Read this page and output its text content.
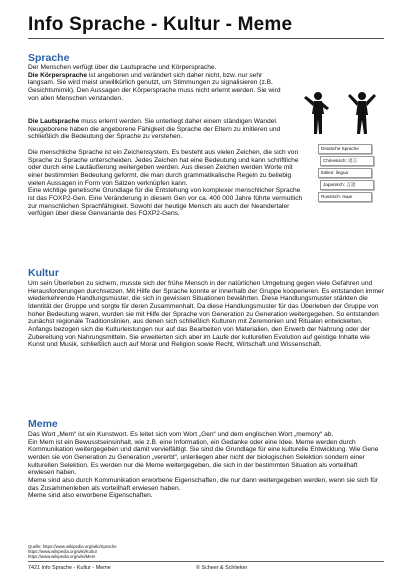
Info Sprache - Kultur - Meme
Sprache

Der Menschen verfügt über die Lautsprache und Körpersprache.

Die Körpersprache ist angeboren und verändert sich daher nicht, bzw. nur sehr langsam. Sie wird meist unwillkürlich genutzt, um Stimmungen zu signalisieren (z.B. Gesichtsmimik). Den Aussagen der Körpersprache muss nicht erlernt werden. Sie wird von allen Menschen verstanden.

Die Lautsprache muss erlernt werden. Sie unterliegt daher einem ständigen Wandel. Neugeborene haben die angeborene Fähigkeit die Sprache der Eltern zu imitieren und schließlich die Bedeutung der Sprache zu verstehen.

Die menschliche Sprache ist ein Zeichensystem. Es besteht aus vielen Zeichen, die sich von Sprache zu Sprache unterscheiden. Jedes Zeichen hat eine Bedeutung und kann schriftliche oder durch eine Lautäußerung weitergeben werden. Aus diesen Zeichen werden Worte mit einer bestimmten Bedeutung geformt, die man durch grammatikalische Regeln zu beliebig vielen Aussagen in Form von Sätzen verknüpfen kann.

Eine wichtige genetische Grundlage für die Entstehung von komplexer menschlicher Sprache ist das FOXP2-Gen. Eine Veränderung in diesem Gen vor ca. 400 000 Jahre führte vermutlich zur menschlichen Sprachfähigkeit. Sowohl der heutige Mensch als auch der Neandertaler verfügen über diese Genvariante des FOXP2-Gens.

Deutsche Sprache
Chinesisch: 语言
Italien: lingua
Japanisch: 言語
Russisch: язык
Kultur

Um sein Überleben zu sichern, musste sich der frühe Mensch in der natürlichen Umgebung gegen viele Gefahren und Herausforderungen durchsetzen. Mit Hilfe der Sprache konnte er innerhalb der Gruppe kooperieren. Es entstanden immer wiederkehrende Handlungsmuster, die sich in gewissen Situationen bewährten. Diese Handlungsmuster stärkten die Identität der Gruppe und sorgte für deren Zusammenhalt. Da diese Handlungsmuster für das Überleben der Gruppe von hoher Bedeutung waren, wurden sie mit Hilfe der Sprache von Generation zu Generation weitergegeben. So entstanden zunächst regionale Traditionslinien, aus denen sich schließlich Kulturen mit Zeremonien und Ritualen entwickelten.

Anfangs bezogen sich die Kulturleistungen nur auf das Bearbeiten von Materialien, den Erwerb der Nahrung oder der Zubereitung von Nahrungsmitteln. Sie erweiterten sich aber im Laufe der kulturellen Evolution auf geistige Inhalte wie Kunst und Musik, schließlich auch auf Moral und Religion sowie Recht, Wirtschaft und Wissenschaft.

Meme

Das Wort „Mem“ ist ein Kunstwort. Es leitet sich vom Wort „Gen“ und dem englischen Wort „memory“ ab.

Ein Mem ist ein Bewusstseinsinhalt, wie z.B. eine Information, ein Gedanke oder eine Idee. Meme werden durch Kommunikation weitergegeben und damit vervielfältigt. Sie sind die Grundlage für eine kulturelle Entwicklung. Wie Gene werden sie von Generation zu Generation „vererbt“, unterliegen aber nicht der biologischen Selektion sondern einer kulturellen Selektion. Es werden nur die Meme weitergegeben, die sich in der bestimmten Situation als vorteilhaft erwiesen haben.

Meme sind also durch Kommunikation erworbene Eigenschaften, die nur dann weitergegeben werden, wenn sie sich für das Zusammenleben als vorteilhaft erwiesen haben.

Meme sind also erworbene Eigenschaften.

Quelle: https://www.wikipedia.org/wiki/Sprache
https://www.wikipedia.org/wiki/Kultur
https://www.wikipedia.org/wiki/Mem
7421 Info Sprache - Kultur - Meme	© Scheer & Schlieker
